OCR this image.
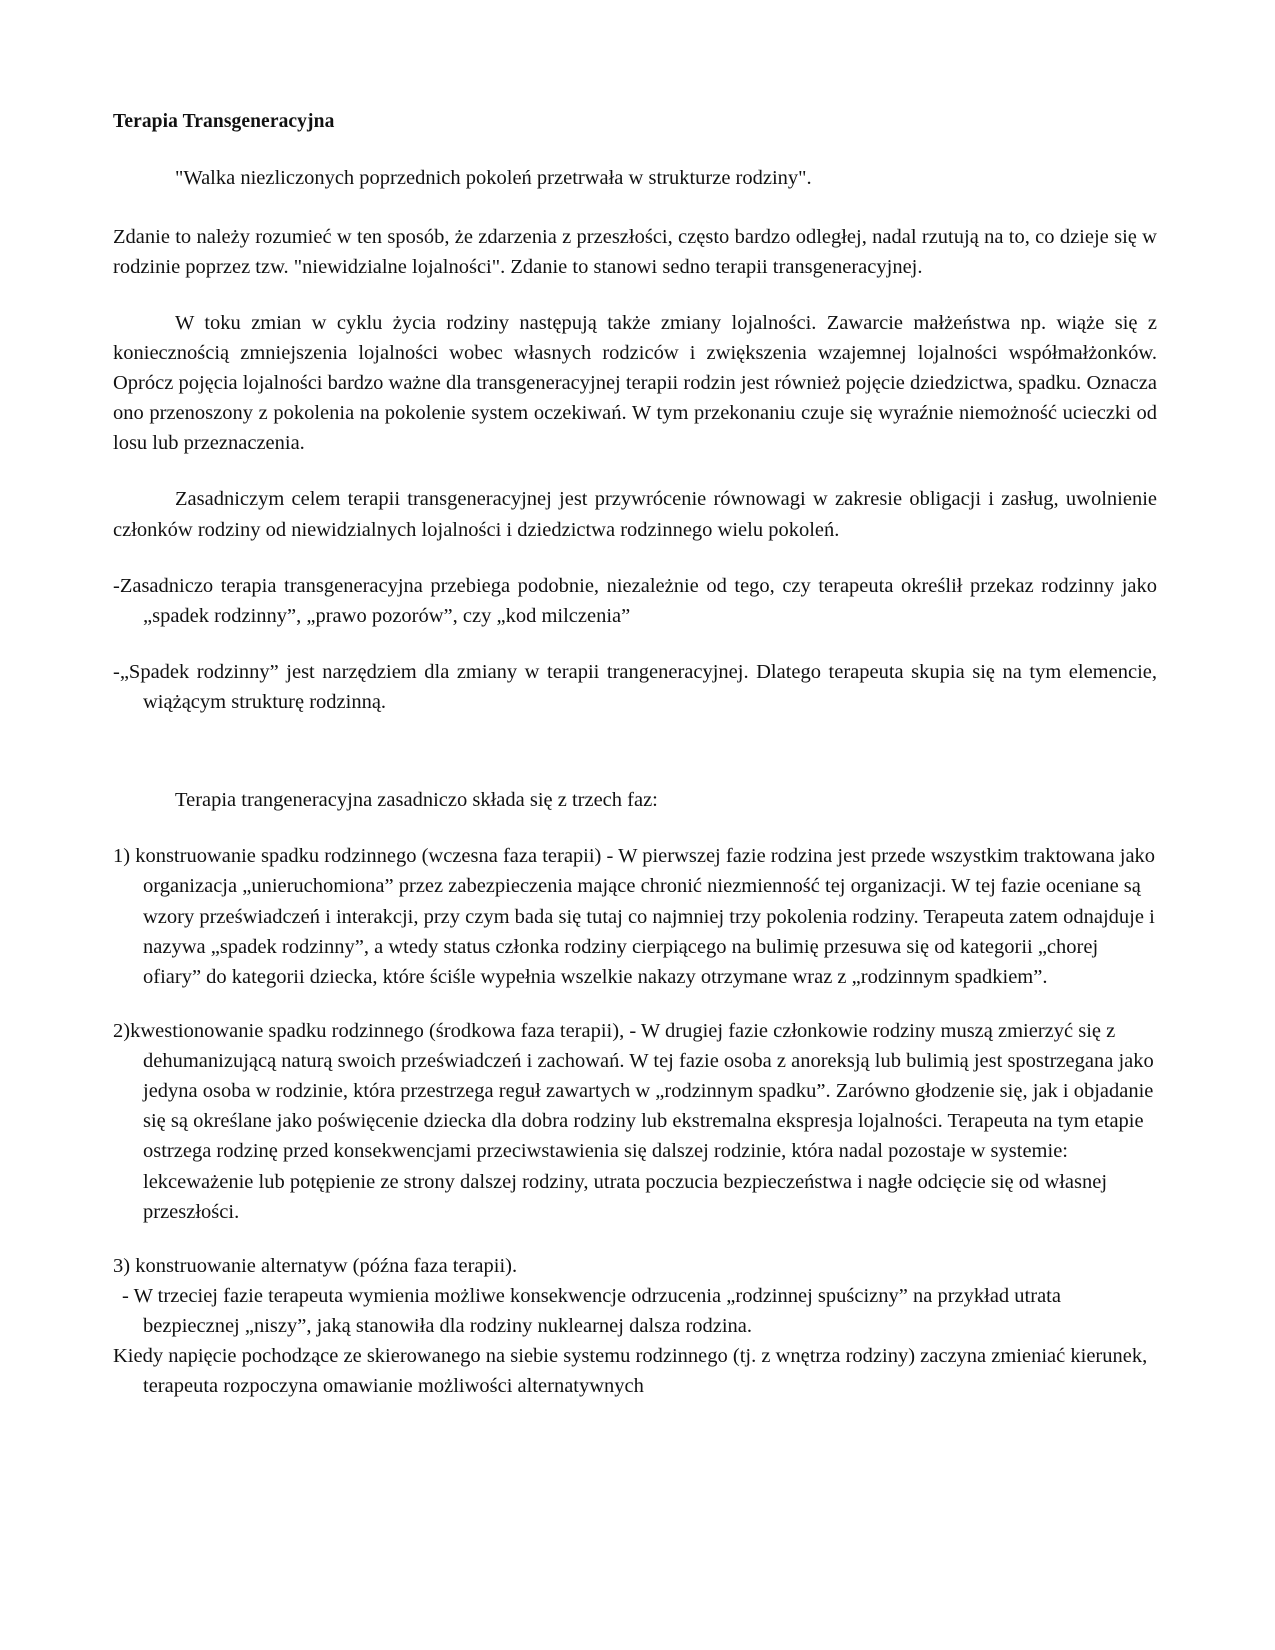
Terapia Transgeneracyjna

"Walka niezliczonych poprzednich pokoleń przetrwała w strukturze rodziny".

Zdanie to należy rozumieć w ten sposób, że zdarzenia z przeszłości, często bardzo odległej, nadal rzutują na to, co dzieje się w rodzinie poprzez tzw. "niewidzialne lojalności". Zdanie to stanowi sedno terapii transgeneracyjnej.

W toku zmian w cyklu życia rodziny następują także zmiany lojalności. Zawarcie małżeństwa np. wiąże się z koniecznością zmniejszenia lojalności wobec własnych rodziców i zwiększenia wzajemnej lojalności współmałżonków. Oprócz pojęcia lojalności bardzo ważne dla transgeneracyjnej terapii rodzin jest również pojęcie dziedzictwa, spadku. Oznacza ono przenoszony z pokolenia na pokolenie system oczekiwań. W tym przekonaniu czuje się wyraźnie niemożność ucieczki od losu lub przeznaczenia.

Zasadniczym celem terapii transgeneracyjnej jest przywrócenie równowagi w zakresie obligacji i zasług, uwolnienie członków rodziny od niewidzialnych lojalności i dziedzictwa rodzinnego wielu pokoleń.

-Zasadniczo terapia transgeneracyjna przebiega podobnie, niezależnie od tego, czy terapeuta określił przekaz rodzinny jako „spadek rodzinny”, „prawo pozorów”, czy „kod milczenia”

-„Spadek rodzinny” jest narzędziem dla zmiany w terapii trangeneracyjnej. Dlatego terapeuta skupia się na tym elemencie, wiążącym strukturę rodzinną.

Terapia trangeneracyjna zasadniczo składa się z trzech faz:

1) konstruowanie spadku rodzinnego (wczesna faza terapii) - W pierwszej fazie rodzina jest przede wszystkim traktowana jako organizacja „unieruchomiona” przez zabezpieczenia mające chronić niezmienność tej organizacji. W tej fazie oceniane są wzory przeświadczeń i interakcji, przy czym bada się tutaj co najmniej trzy pokolenia rodziny. Terapeuta zatem odnajduje i nazywa „spadek rodzinny”, a wtedy status członka rodziny cierpiącego na bulimię przesuwa się od kategorii „chorej ofiary” do kategorii dziecka, które ściśle wypełnia wszelkie nakazy otrzymane wraz z „rodzinnym spadkiem”.

2)kwestionowanie spadku rodzinnego (środkowa faza terapii), - W drugiej fazie członkowie rodziny muszą zmierzyć się z dehumanizującą naturą swoich przeświadczeń i zachowań. W tej fazie osoba z anoreksją lub bulimią jest spostrzegana jako jedyna osoba w rodzinie, która przestrzega reguł zawartych w „rodzinnym spadku”. Zarówno głodzenie się, jak i objadanie się są określane jako poświęcenie dziecka dla dobra rodziny lub ekstremalna ekspresja lojalności. Terapeuta na tym etapie ostrzega rodzinę przed konsekwencjami przeciwstawienia się dalszej rodzinie, która nadal pozostaje w systemie: lekceważenie lub potępienie ze strony dalszej rodziny, utrata poczucia bezpieczeństwa i nagłe odcięcie się od własnej przeszłości.

3) konstruowanie alternatyw (późna faza terapii).

- W trzeciej fazie terapeuta wymienia możliwe konsekwencje odrzucenia „rodzinnej spuścizny” na przykład utrata bezpiecznej „niszy”, jaką stanowiła dla rodziny nuklearnej dalsza rodzina.

Kiedy napięcie pochodzące ze skierowanego na siebie systemu rodzinnego (tj. z wnętrza rodziny) zaczyna zmieniać kierunek, terapeuta rozpoczyna omawianie możliwości alternatywnych
